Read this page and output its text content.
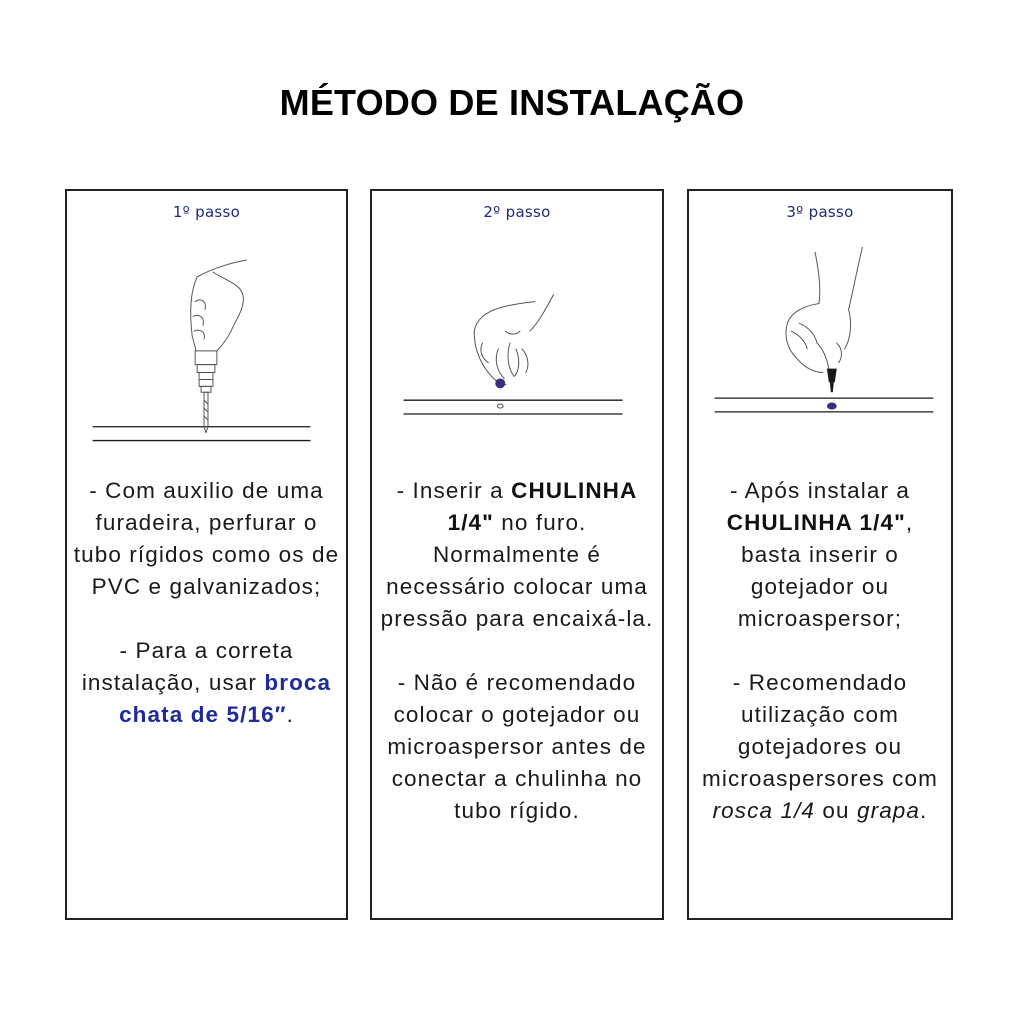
MÉTODO DE INSTALAÇÃO
1º passo

- Com auxilio de uma furadeira, perfurar o tubo rígidos como os de PVC e galvanizados;

- Para a correta instalação, usar broca chata de 5/16″.

2º passo

- Inserir a CHULINHA 1/4" no furo. Normalmente é necessário colocar uma pressão para encaixá-la.

- Não é recomendado colocar o gotejador ou microaspersor antes de conectar a chulinha no tubo rígido.

3º passo

- Após instalar a CHULINHA 1/4", basta inserir o gotejador ou microaspersor;

- Recomendado utilização com gotejadores ou microaspersores com rosca 1/4 ou grapa.
